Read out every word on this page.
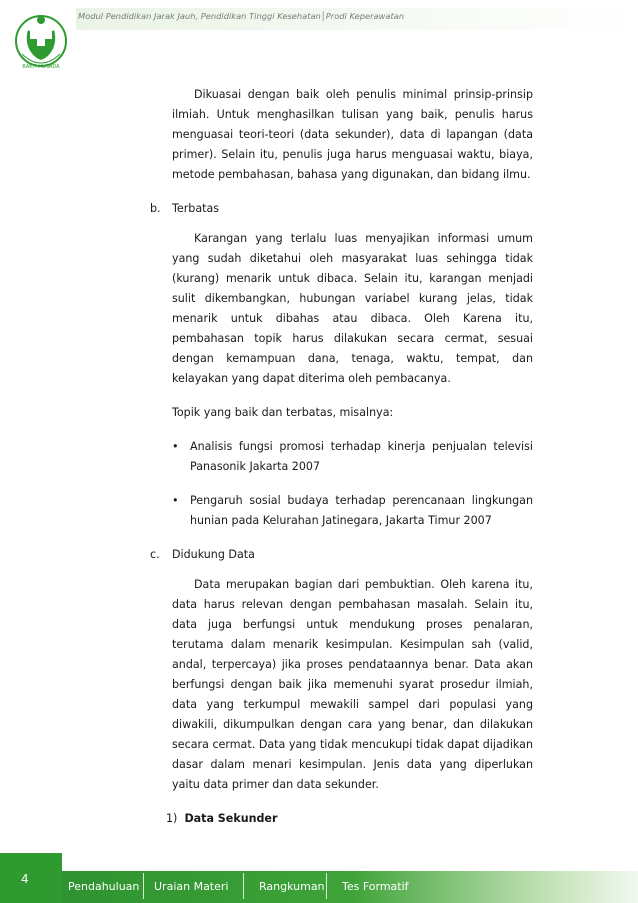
BAKTI HUSADA
Modul Pendidikan Jarak Jauh, Pendidikan Tinggi Kesehatan│Prodi Keperawatan

Dikuasai dengan baik oleh penulis minimal prinsip-prinsip ilmiah. Untuk menghasilkan tulisan yang baik, penulis harus menguasai teori-teori (data sekunder), data di lapangan (data primer). Selain itu, penulis juga harus menguasai waktu, biaya, metode pembahasan, bahasa yang digunakan, dan bidang ilmu.

b. Terbatas

Karangan yang terlalu luas menyajikan informasi umum yang sudah diketahui oleh masyarakat luas sehingga tidak (kurang) menarik untuk dibaca. Selain itu, karangan menjadi sulit dikembangkan, hubungan variabel kurang jelas, tidak menarik untuk dibahas atau dibaca. Oleh Karena itu, pembahasan topik harus dilakukan secara cermat, sesuai dengan kemampuan dana, tenaga, waktu, tempat, dan kelayakan yang dapat diterima oleh pembacanya.

Topik yang baik dan terbatas, misalnya:

• Analisis fungsi promosi terhadap kinerja penjualan televisi Panasonik Jakarta 2007
• Pengaruh sosial budaya terhadap perencanaan lingkungan hunian pada Kelurahan Jatinegara, Jakarta Timur 2007

c. Didukung Data

Data merupakan bagian dari pembuktian. Oleh karena itu, data harus relevan dengan pembahasan masalah. Selain itu, data juga berfungsi untuk mendukung proses penalaran, terutama dalam menarik kesimpulan. Kesimpulan sah (valid, andal, terpercaya) jika proses pendataannya benar. Data akan berfungsi dengan baik jika memenuhi syarat prosedur ilmiah, data yang terkumpul mewakili sampel dari populasi yang diwakili, dikumpulkan dengan cara yang benar, dan dilakukan secara cermat. Data yang tidak mencukupi tidak dapat dijadikan dasar dalam menari kesimpulan. Jenis data yang diperlukan yaitu data primer dan data sekunder.

1) Data Sekunder

4
Pendahuluan Uraian Materi	Rangkuman Tes Formatif
